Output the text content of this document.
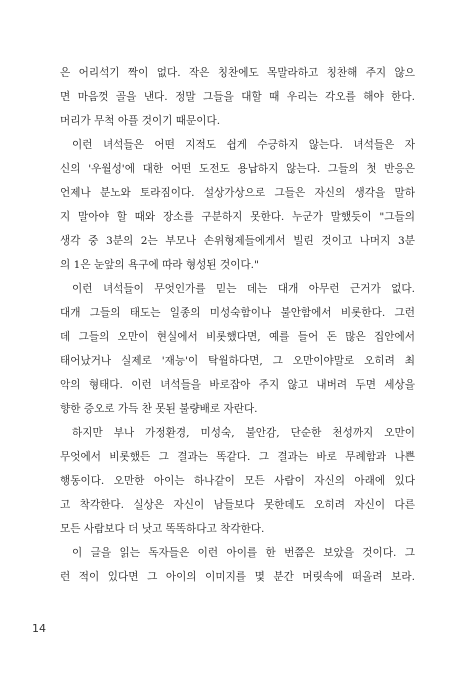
은 어리석기 짝이 없다. 작은 칭찬에도 목말라하고 칭찬해 주지 않으
면 마음껏 골을 낸다. 정말 그들을 대할 때 우리는 각오를 해야 한다.
머리가 무척 아플 것이기 때문이다.
이런 녀석들은 어떤 지적도 쉽게 수긍하지 않는다. 녀석들은 자
신의 '우월성'에 대한 어떤 도전도 용납하지 않는다. 그들의 첫 반응은
언제나 분노와 토라짐이다. 설상가상으로 그들은 자신의 생각을 말하
지 말아야 할 때와 장소를 구분하지 못한다. 누군가 말했듯이 "그들의
생각 중 3분의 2는 부모나 손위형제들에게서 빌린 것이고 나머지 3분
의 1은 눈앞의 욕구에 따라 형성된 것이다."
이런 녀석들이 무엇인가를 믿는 데는 대개 아무런 근거가 없다.
대개 그들의 태도는 일종의 미성숙함이나 불안함에서 비롯한다. 그런
데 그들의 오만이 현실에서 비롯했다면, 예를 들어 돈 많은 집안에서
태어났거나 실제로 '재능'이 탁월하다면, 그 오만이야말로 오히려 최
악의 형태다. 이런 녀석들을 바로잡아 주지 않고 내버려 두면 세상을
향한 증오로 가득 찬 못된 불량배로 자란다.
하지만 부나 가정환경, 미성숙, 불안감, 단순한 천성까지 오만이
무엇에서 비롯했든 그 결과는 똑같다. 그 결과는 바로 무례함과 나쁜
행동이다. 오만한 아이는 하나같이 모든 사람이 자신의 아래에 있다
고 착각한다. 실상은 자신이 남들보다 못한데도 오히려 자신이 다른
모든 사람보다 더 낫고 똑똑하다고 착각한다.
이 글을 읽는 독자들은 이런 아이를 한 번쯤은 보았을 것이다. 그
런 적이 있다면 그 아이의 이미지를 몇 분간 머릿속에 떠올려 보라.
14
